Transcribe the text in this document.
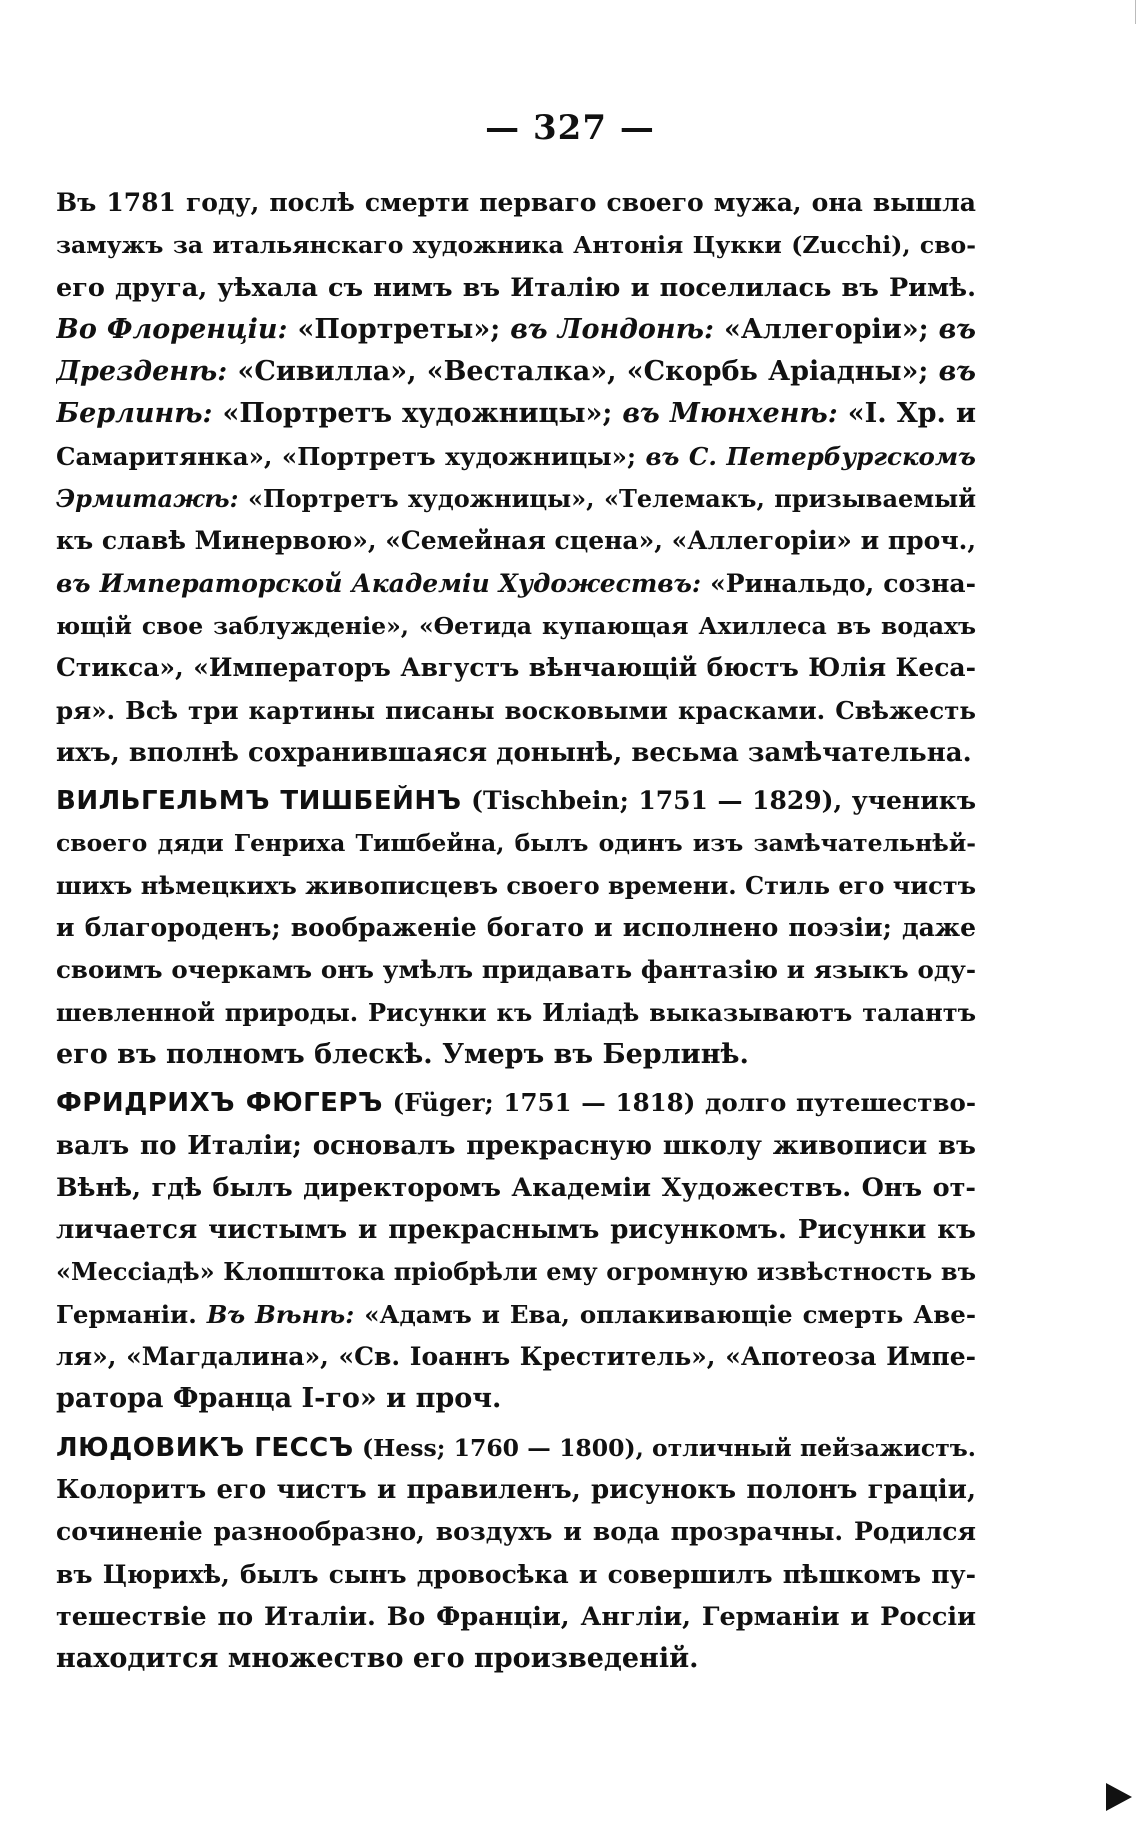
— 327 —
Въ 1781 году, послѣ смерти перваго своего мужа, она вышла
замужъ за итальянскаго художника Антонія Цукки (Zucchi), сво-
его друга, уѣхала съ нимъ въ Италію и поселилась въ Римѣ.
Во Флоренціи: «Портреты»; въ Лондонѣ: «Аллегоріи»; въ
Дрезденѣ: «Сивилла», «Весталка», «Скорбь Аріадны»; въ
Берлинѣ: «Портретъ художницы»; въ Мюнхенѣ: «I. Хр. и
Самаритянка», «Портретъ художницы»; въ С. Петербургскомъ
Эрмитажѣ: «Портретъ художницы», «Телемакъ, призываемый
къ славѣ Минервою», «Семейная сцена», «Аллегоріи» и проч.,
въ Императорской Академіи Художествъ: «Ринальдо, созна-
ющій свое заблужденіе», «Ѳетида купающая Ахиллеса въ водахъ
Стикса», «Императоръ Августъ вѣнчающій бюстъ Юлія Кеса-
ря». Всѣ три картины писаны восковыми красками. Свѣжесть
ихъ, вполнѣ сохранившаяся донынѣ, весьма замѣчательна.
ВИЛЬГЕЛЬМЪ ТИШБЕЙНЪ (Tischbein; 1751 — 1829), ученикъ
своего дяди Генриха Тишбейна, былъ одинъ изъ замѣчательнѣй-
шихъ нѣмецкихъ живописцевъ своего времени. Стиль его чистъ
и благороденъ; воображеніе богато и исполнено поэзіи; даже
своимъ очеркамъ онъ умѣлъ придавать фантазію и языкъ оду-
шевленной природы. Рисунки къ Иліадѣ выказываютъ талантъ
его въ полномъ блескѣ. Умеръ въ Берлинѣ.
ФРИДРИХЪ ФЮГЕРЪ (Füger; 1751 — 1818) долго путешество-
валъ по Италіи; основалъ прекрасную школу живописи въ
Вѣнѣ, гдѣ былъ директоромъ Академіи Художествъ. Онъ от-
личается чистымъ и прекраснымъ рисункомъ. Рисунки къ
«Мессіадѣ» Клопштока пріобрѣли ему огромную извѣстность въ
Германіи. Въ Вѣнѣ: «Адамъ и Ева, оплакивающіе смерть Аве-
ля», «Магдалина», «Св. Іоаннъ Креститель», «Апотеоза Импе-
ратора Франца I-го» и проч.
ЛЮДОВИКЪ ГЕССЪ (Hess; 1760 — 1800), отличный пейзажистъ.
Колоритъ его чистъ и правиленъ, рисунокъ полонъ граціи,
сочиненіе разнообразно, воздухъ и вода прозрачны. Родился
въ Цюрихѣ, былъ сынъ дровосѣка и совершилъ пѣшкомъ пу-
тешествіе по Италіи. Во Франціи, Англіи, Германіи и Россіи
находится множество его произведеній.
